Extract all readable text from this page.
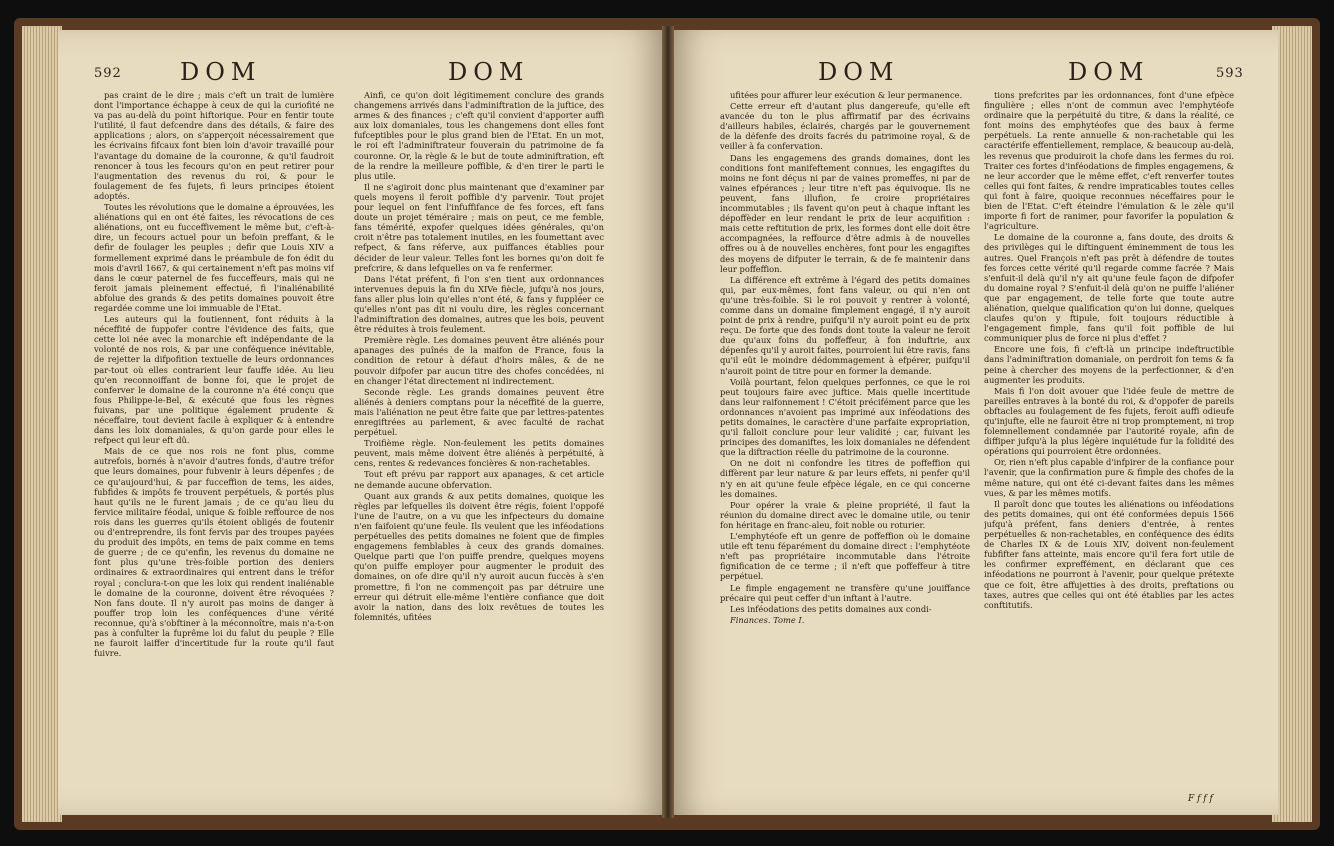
592 DOM	DOM

pas craint de le dire ; mais c'eft un trait de lumière dont l'importance échappe à ceux de qui la curiofité ne va pas au-delà du point hiftorique. Pour en fentir toute l'utilité, il faut defcendre dans des détails, & faire des applications ; alors, on s'apperçoit nécessairement que les écrivains fifcaux font bien loin d'avoir travaillé pour l'avantage du domaine de la couronne, & qu'il faudroit renoncer à tous les fecours qu'on en peut retirer pour l'augmentation des revenus du roi, & pour le foulagement de fes fujets, fi leurs principes étoient adoptés.

Toutes les révolutions que le domaine a éprouvées, les aliénations qui en ont été faites, les révocations de ces aliénations, ont eu fucceffivement le même but, c'eft-à-dire, un fecours actuel pour un befoin preffant, & le defir de foulager les peuples ; defir que Louis XIV a formellement exprimé dans le préambule de fon édit du mois d'avril 1667, & qui certainement n'eft pas moins vif dans le cœur paternel de fes fucceffeurs, mais qui ne feroit jamais pleinement effectué, fi l'inaliénabilité abfolue des grands & des petits domaines pouvoit être regardée comme une loi immuable de l'Etat.

Les auteurs qui la foutiennent, font réduits à la néceffité de fuppofer contre l'évidence des faits, que cette loi née avec la monarchie eft indépendante de la volonté de nos rois, & par une conféquence inévitable, de rejetter la difpofition textuelle de leurs ordonnances par-tout où elles contrarient leur fauffe idée. Au lieu qu'en reconnoiffant de bonne foi, que le projet de conferver le domaine de la couronne n'a été conçu que fous Philippe-le-Bel, & exécuté que fous les règnes fuivans, par une politique également prudente & néceffaire, tout devient facile à expliquer & à entendre dans les loix domaniales, & qu'on garde pour elles le refpect qui leur eft dû.

Mais de ce que nos rois ne font plus, comme autrefois, bornés à n'avoir d'autres fonds, d'autre tréfor que leurs domaines, pour fubvenir à leurs dépenfes ; de ce qu'aujourd'hui, & par fucceffion de tems, les aides, fubfides & impôts fe trouvent perpétuels, & portés plus haut qu'ils ne le furent jamais ; de ce qu'au lieu du fervice militaire féodal, unique & foible reffource de nos rois dans les guerres qu'ils étoient obligés de foutenir ou d'entreprendre, ils font fervis par des troupes payées du produit des impôts, en tems de paix comme en tems de guerre ; de ce qu'enfin, les revenus du domaine ne font plus qu'une très-foible portion des deniers ordinaires & extraordinaires qui entrent dans le tréfor royal ; conclura-t-on que les loix qui rendent inaliénable le domaine de la couronne, doivent être révoquées ? Non fans doute. Il n'y auroit pas moins de danger à pouffer trop loin les conféquences d'une vérité reconnue, qu'à s'obftiner à la méconnoître, mais n'a-t-on pas à confulter la fuprême loi du falut du peuple ? Elle ne fauroit laiffer d'incertitude fur la route qu'il faut fuivre.

Ainfi, ce qu'on doit légitimement conclure des grands changemens arrivés dans l'adminiftration de la juftice, des armes & des finances ; c'eft qu'il convient d'apporter auffi aux loix domaniales, tous les changemens dont elles font fufceptibles pour le plus grand bien de l'Etat. En un mot, le roi eft l'adminiftrateur fouverain du patrimoine de fa couronne. Or, la règle & le but de toute adminiftration, eft de la rendre la meilleure poffible, & d'en tirer le parti le plus utile.

Il ne s'agiroit donc plus maintenant que d'examiner par quels moyens il feroit poffible d'y parvenir. Tout projet pour lequel on fent l'infuffifance de fes forces, eft fans doute un projet téméraire ; mais on peut, ce me femble, fans témérité, expofer quelques idées générales, qu'on croit n'être pas totalement inutiles, en les foumettant avec refpect, & fans réferve, aux puiffances établies pour décider de leur valeur. Telles font les bornes qu'on doit fe prefcrire, & dans lefquelles on va fe renfermer.

Dans l'état préfent, fi l'on s'en tient aux ordonnances intervenues depuis la fin du XIVe fiècle, jufqu'à nos jours, fans aller plus loin qu'elles n'ont été, & fans y fuppléer ce qu'elles n'ont pas dit ni voulu dire, les règles concernant l'adminiftration des domaines, autres que les bois, peuvent être réduites à trois feulement.

Première règle. Les domaines peuvent être aliénés pour apanages des puînés de la maifon de France, fous la condition de retour à défaut d'hoirs mâles, & de ne pouvoir difpofer par aucun titre des chofes concédées, ni en changer l'état directement ni indirectement.

Seconde règle. Les grands domaines peuvent être aliénés à deniers comptans pour la néceffité de la guerre, mais l'aliénation ne peut être faite que par lettres-patentes enregiftrées au parlement, & avec faculté de rachat perpétuel.

Troifième règle. Non-feulement les petits domaines peuvent, mais même doivent être aliénés à perpétuité, à cens, rentes & redevances foncières & non-rachetables.

Tout eft prévu par rapport aux apanages, & cet article ne demande aucune obfervation.

Quant aux grands & aux petits domaines, quoique les règles par lefquelles ils doivent être régis, foient l'oppofé l'une de l'autre, on a vu que les infpecteurs du domaine n'en faifoient qu'une feule. Ils veulent que les inféodations perpétuelles des petits domaines ne foient que de fimples engagemens femblables à ceux des grands domaines. Quelque parti que l'on puiffe prendre, quelques moyens qu'on puiffe employer pour augmenter le produit des domaines, on ofe dire qu'il n'y auroit aucun fuccès à s'en promettre, fi l'on ne commençoit pas par détruire une erreur qui détruit elle-même l'entière confiance que doit avoir la nation, dans des loix revêtues de toutes les folemnités, ufitées

DOM	DOM	593

ufitées pour affurer leur exécution & leur permanence.

Cette erreur eft d'autant plus dangereufe, qu'elle eft avancée du ton le plus affirmatif par des écrivains d'ailleurs habiles, éclairés, chargés par le gouvernement de la défenfe des droits facrés du patrimoine royal, & de veiller à fa confervation.

Dans les engagemens des grands domaines, dont les conditions font manifeftement connues, les engagiftes du moins ne font déçus ni par de vaines promeffes, ni par de vaines efpérances ; leur titre n'eft pas équivoque. Ils ne peuvent, fans illufion, fe croire propriétaires incommutables ; ils favent qu'on peut à chaque inftant les dépoffèder en leur rendant le prix de leur acquifition : mais cette reftitution de prix, les formes dont elle doit être accompagnées, la reffource d'être admis à de nouvelles offres ou à de nouvelles enchères, font pour les engagiftes des moyens de difputer le terrain, & de fe maintenir dans leur poffeffion.

La différence eft extrême à l'égard des petits domaines qui, par eux-mêmes, font fans valeur, ou qui n'en ont qu'une très-foible. Si le roi pouvoit y rentrer à volonté, comme dans un domaine fimplement engagé, il n'y auroit point de prix à rendre, puifqu'il n'y auroit point eu de prix reçu. De forte que des fonds dont toute la valeur ne feroit due qu'aux foins du poffeffeur, à fon induftrie, aux dépenfes qu'il y auroit faites, pourroient lui être ravis, fans qu'il eût le moindre dédommagement à efpérer, puifqu'il n'auroit point de titre pour en former la demande.

Voilà pourtant, felon quelques perfonnes, ce que le roi peut toujours faire avec juftice. Mais quelle incertitude dans leur raifonnement ! C'étoit précifément parce que les ordonnances n'avoient pas imprimé aux inféodations des petits domaines, le caractère d'une parfaite expropriation, qu'il falloit conclure pour leur validité ; car, fuivant les principes des domaniftes, les loix domaniales ne défendent que la diftraction réelle du patrimoine de la couronne.

On ne doit ni confondre les titres de poffeffion qui diffèrent par leur nature & par leurs effets, ni penfer qu'il n'y en ait qu'une feule efpèce légale, en ce qui concerne les domaines.

Pour opérer la vraie & pleine propriété, il faut la réunion du domaine direct avec le domaine utile, ou tenir fon héritage en franc-aleu, foit noble ou roturier.

L'emphytéofe eft un genre de poffeffion où le domaine utile eft tenu féparément du domaine direct : l'emphytéote n'eft pas propriétaire incommutable dans l'étroite fignification de ce terme ; il n'eft que poffeffeur à titre perpétuel.

Le fimple engagement ne transfère qu'une jouiffance précaire qui peut ceffer d'un inftant à l'autre.

Les inféodations des petits domaines aux condi-

Finances. Tome I.

tions prefcrites par les ordonnances, font d'une efpèce fingulière ; elles n'ont de commun avec l'emphytéofe ordinaire que la perpétuité du titre, & dans la réalité, ce font moins des emphytéofes que des baux à ferme perpétuels. La rente annuelle & non-rachetable qui les caractérife effentiellement, remplace, & beaucoup au-delà, les revenus que produiroit la chofe dans les fermes du roi. Traiter ces fortes d'inféodations de fimples engagemens, & ne leur accorder que le même effet, c'eft renverfer toutes celles qui font faites, & rendre impraticables toutes celles qui font à faire, quoique reconnues néceffaires pour le bien de l'Etat. C'eft éteindre l'émulation & le zèle qu'il importe fi fort de ranimer, pour favorifer la population & l'agriculture.

Le domaine de la couronne a, fans doute, des droits & des privilèges qui le diftinguent éminemment de tous les autres. Quel François n'eft pas prêt à défendre de toutes fes forces cette vérité qu'il regarde comme facrée ? Mais s'enfuit-il delà qu'il n'y ait qu'une feule façon de difpofer du domaine royal ? S'enfuit-il delà qu'on ne puiffe l'aliéner que par engagement, de telle forte que toute autre aliénation, quelque qualification qu'on lui donne, quelques claufes qu'on y ftipule, foit toujours réductible à l'engagement fimple, fans qu'il foit poffible de lui communiquer plus de force ni plus d'effet ?

Encore une fois, fi c'eft-là un principe indeftructible dans l'adminiftration domaniale, on perdroit fon tems & fa peine à chercher des moyens de la perfectionner, & d'en augmenter les produits.

Mais fi l'on doit avouer que l'idée feule de mettre de pareilles entraves à la bonté du roi, & d'oppofer de pareils obftacles au foulagement de fes fujets, feroit auffi odieufe qu'injufte, elle ne fauroit être ni trop promptement, ni trop folemnellement condamnée par l'autorité royale, afin de diffiper jufqu'à la plus légère inquiétude fur la folidité des opérations qui pourroient être ordonnées.

Or, rien n'eft plus capable d'infpirer de la confiance pour l'avenir, que la confirmation pure & fimple des chofes de la même nature, qui ont été ci-devant faites dans les mêmes vues, & par les mêmes motifs.

Il paroît donc que toutes les aliénations ou inféodations des petits domaines, qui ont été conformées depuis 1566 jufqu'à préfent, fans deniers d'entrée, à rentes perpétuelles & non-rachetables, en conféquence des édits de Charles IX & de Louis XIV, doivent non-feulement fubfifter fans atteinte, mais encore qu'il fera fort utile de les confirmer expreffément, en déclarant que ces inféodations ne pourront à l'avenir, pour quelque prétexte que ce foit, être affujetties à des droits, preftations ou taxes, autres que celles qui ont été établies par les actes conftitutifs.

F f f f
